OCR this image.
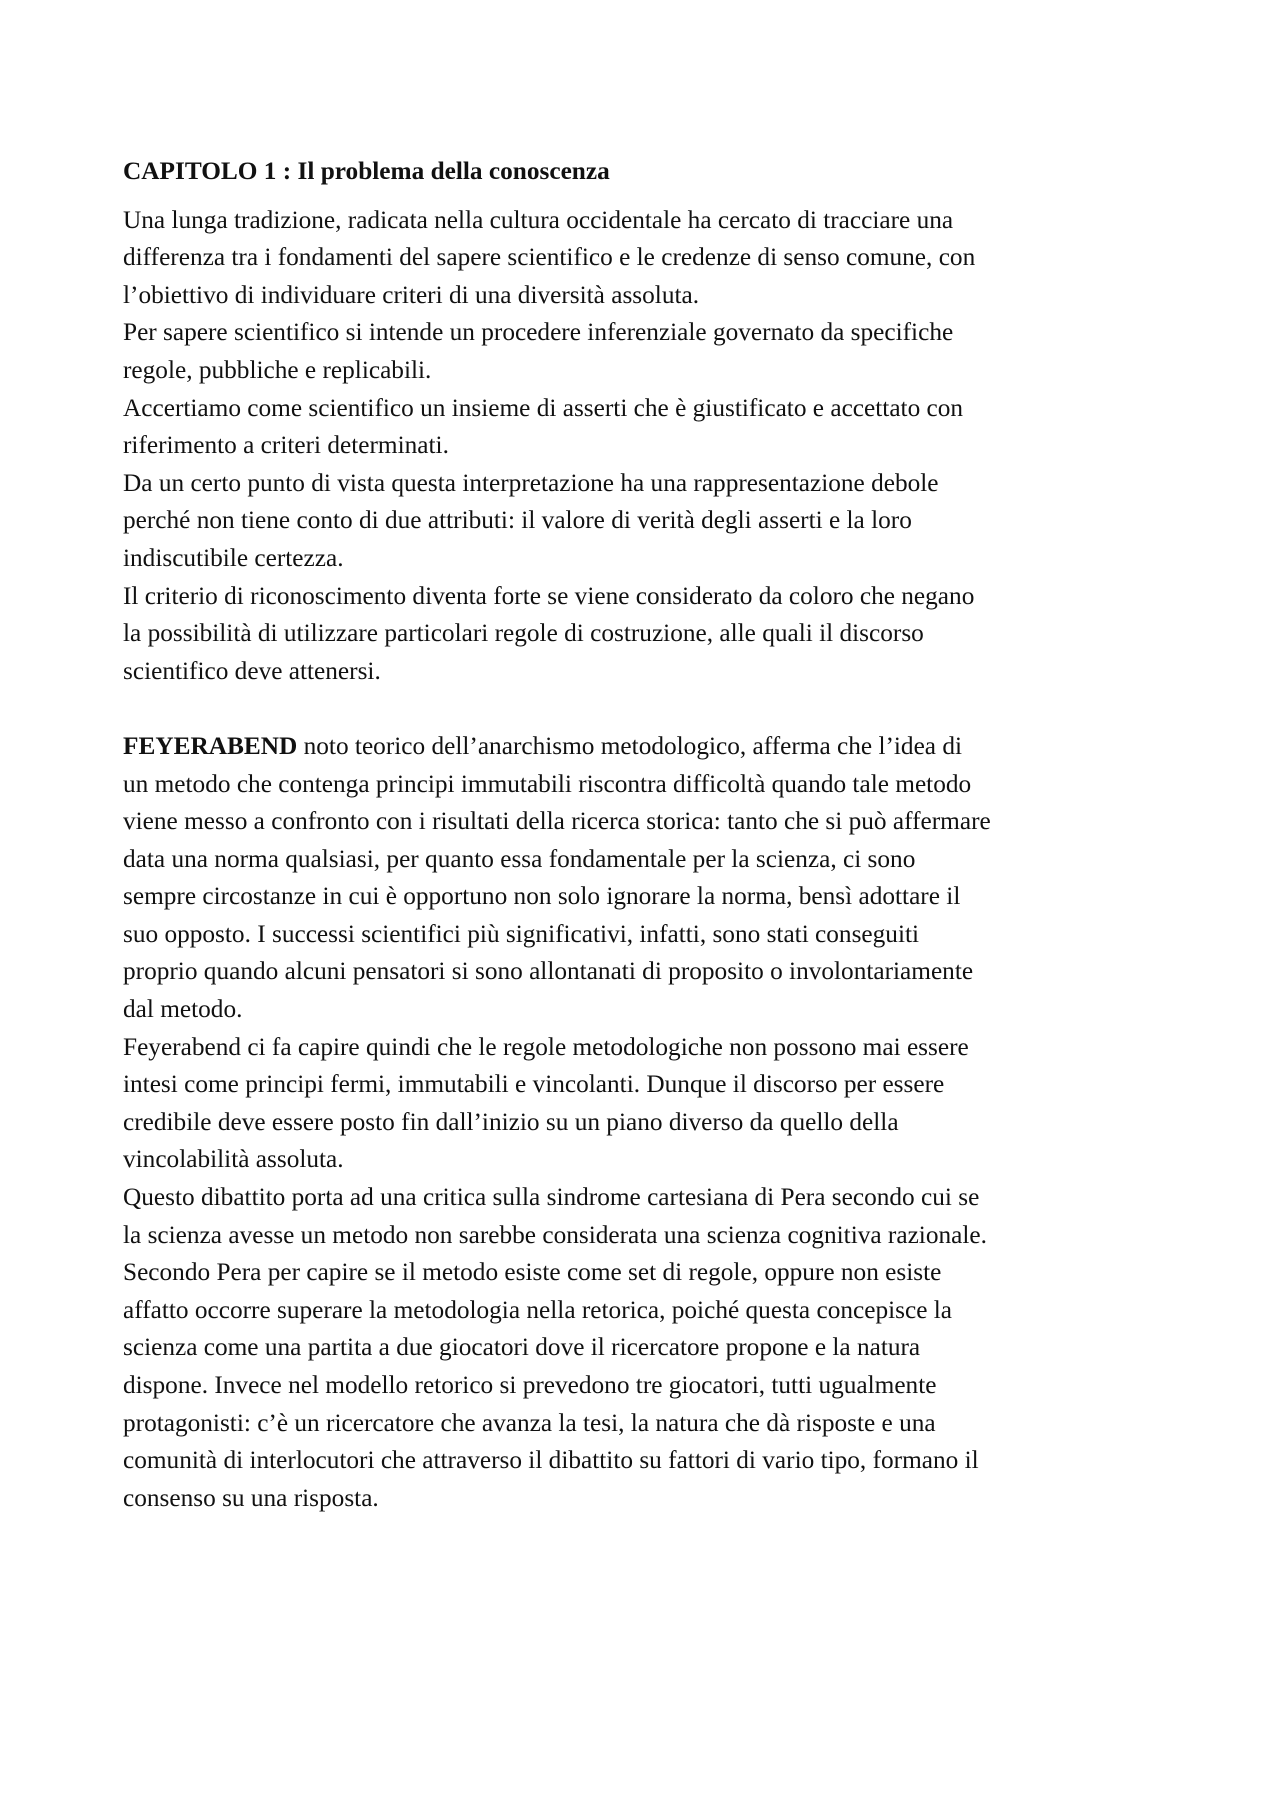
CAPITOLO 1 : Il problema della conoscenza
Una lunga tradizione, radicata nella cultura occidentale ha cercato di tracciare una
differenza tra i fondamenti del sapere scientifico e le credenze di senso comune, con
l’obiettivo di individuare criteri di una diversità assoluta.
Per sapere scientifico si intende un procedere inferenziale governato da specifiche
regole, pubbliche e replicabili.
Accertiamo come scientifico un insieme di asserti che è giustificato e accettato con
riferimento a criteri determinati.
Da un certo punto di vista questa interpretazione ha una rappresentazione debole
perché non tiene conto di due attributi: il valore di verità degli asserti e la loro
indiscutibile certezza.
Il criterio di riconoscimento diventa forte se viene considerato da coloro che negano
la possibilità di utilizzare particolari regole di costruzione, alle quali il discorso
scientifico deve attenersi.
FEYERABEND noto teorico dell’anarchismo metodologico, afferma che l’idea di
un metodo che contenga principi immutabili riscontra difficoltà quando tale metodo
viene messo a confronto con i risultati della ricerca storica: tanto che si può affermare
data una norma qualsiasi, per quanto essa fondamentale per la scienza, ci sono
sempre circostanze in cui è opportuno non solo ignorare la norma, bensì adottare il
suo opposto. I successi scientifici più significativi, infatti, sono stati conseguiti
proprio quando alcuni pensatori si sono allontanati di proposito o involontariamente
dal metodo.
Feyerabend ci fa capire quindi che le regole metodologiche non possono mai essere
intesi come principi fermi, immutabili e vincolanti. Dunque il discorso per essere
credibile deve essere posto fin dall’inizio su un piano diverso da quello della
vincolabilità assoluta.
Questo dibattito porta ad una critica sulla sindrome cartesiana di Pera secondo cui se
la scienza avesse un metodo non sarebbe considerata una scienza cognitiva razionale.
Secondo Pera per capire se il metodo esiste come set di regole, oppure non esiste
affatto occorre superare la metodologia nella retorica, poiché questa concepisce la
scienza come una partita a due giocatori dove il ricercatore propone e la natura
dispone. Invece nel modello retorico si prevedono tre giocatori, tutti ugualmente
protagonisti: c’è un ricercatore che avanza la tesi, la natura che dà risposte e una
comunità di interlocutori che attraverso il dibattito su fattori di vario tipo, formano il
consenso su una risposta.
